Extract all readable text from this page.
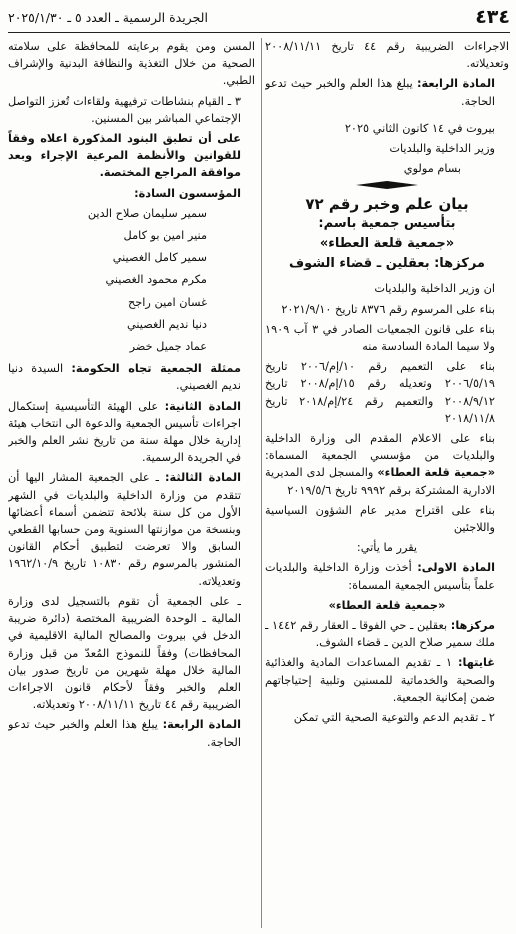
٤٣٤
الجريدة الرسمية ـ العدد ٥ ـ ٢٠٢٥/١/٣٠

الاجراءات الضريبية رقم ٤٤ تاريخ ٢٠٠٨/١١/١١ وتعديلاته.

المادة الرابعة: يبلغ هذا العلم والخبر حيث تدعو الحاجة.

بيروت في ١٤ كانون الثاني ٢٠٢٥

وزير الداخلية والبلديات

بسام مولوي

بيان علم وخبر رقم ٧٢
بتأسيس جمعية باسم:
«جمعية قلعة العطاء»
مركزها: بعقلين ـ قضاء الشوف

ان وزير الداخلية والبلديات

بناء على المرسوم رقم ٨٣٧٦ تاريخ ٢٠٢١/٩/١٠

بناء على قانون الجمعيات الصادر في ٣ آب ١٩٠٩ ولا سيما المادة السادسة منه

بناء على التعميم رقم ١٠/إم/٢٠٠٦ تاريخ ٢٠٠٦/٥/١٩ وتعديله رقم ١٥/إم/٢٠٠٨ تاريخ ٢٠٠٨/٩/١٢ والتعميم رقم ٢٤/إم/٢٠١٨ تاريخ ٢٠١٨/١١/٨

بناء على الاعلام المقدم الى وزارة الداخلية والبلديات من مؤسسي الجمعية المسماة: «جمعية قلعة العطاء» والمسجل لدى المديرية الادارية المشتركة برقم ٩٩٩٢ تاريخ ٢٠١٩/٥/٦

بناء على اقتراح مدير عام الشؤون السياسية واللاجئين

يقرر ما يأتي:

المادة الاولى: أخذت وزارة الداخلية والبلديات علماً بتأسيس الجمعية المسماة:

«جمعية قلعة العطاء»

مركزها: بعقلين ـ حي الفوقا ـ العقار رقم ١٤٤٢ ـ ملك سمير صلاح الدين ـ قضاء الشوف.

غايتها: ١ ـ تقديم المساعدات المادية والغذائية والصحية والخدماتية للمسنين وتلبية إحتياجاتهم ضمن إمكانية الجمعية.

٢ ـ تقديم الدعم والتوعية الصحية التي تمكن

المسن ومن يقوم برعايته للمحافظة على سلامته الصحية من خلال التغذية والنظافة البدنية والإشراف الطبي.

٣ ـ القيام بنشاطات ترفيهية ولقاءات تُعزز التواصل الإجتماعي المباشر بين المسنين.

على أن تطبق البنود المذكورة اعلاه وفقاً للقوانين والأنظمة المرعية الإجراء وبعد موافقة المراجع المختصة.

المؤسسون السادة:

سمير سليمان صلاح الدين

منير امين بو كامل

سمير كامل الغصيني

مكرم محمود الغصيني

غسان امين راجح

دنيا نديم الغصيني

عماد جميل خضر

ممثلة الجمعية تجاه الحكومة: السيدة دنيا نديم الغصيني.

المادة الثانية: على الهيئة التأسيسية إستكمال اجراءات تأسيس الجمعية والدعوة الى انتخاب هيئة إدارية خلال مهلة سنة من تاريخ نشر العلم والخبر في الجريدة الرسمية.

المادة الثالثة: ـ على الجمعية المشار اليها أن تتقدم من وزارة الداخلية والبلديات في الشهر الأول من كل سنة بلائحة تتضمن أسماء أعضائها وبنسخة من موازنتها السنوية ومن حسابها القطعي السابق والا تعرضت لتطبيق أحكام القانون المنشور بالمرسوم رقم ١٠٨٣٠ تاريخ ١٩٦٢/١٠/٩ وتعديلاته.

ـ على الجمعية أن تقوم بالتسجيل لدى وزارة المالية ـ الوحدة الضريبية المختصة (دائرة ضريبة الدخل في بيروت والمصالح المالية الاقليمية في المحافظات) وفقاً للنموذج المُعدّ من قبل وزارة المالية خلال مهلة شهرين من تاريخ صدور بيان العلم والخبر وفقاً لأحكام قانون الاجراءات الضريبية رقم ٤٤ تاريخ ٢٠٠٨/١١/١١ وتعديلاته.

المادة الرابعة: يبلغ هذا العلم والخبر حيث تدعو الحاجة.
